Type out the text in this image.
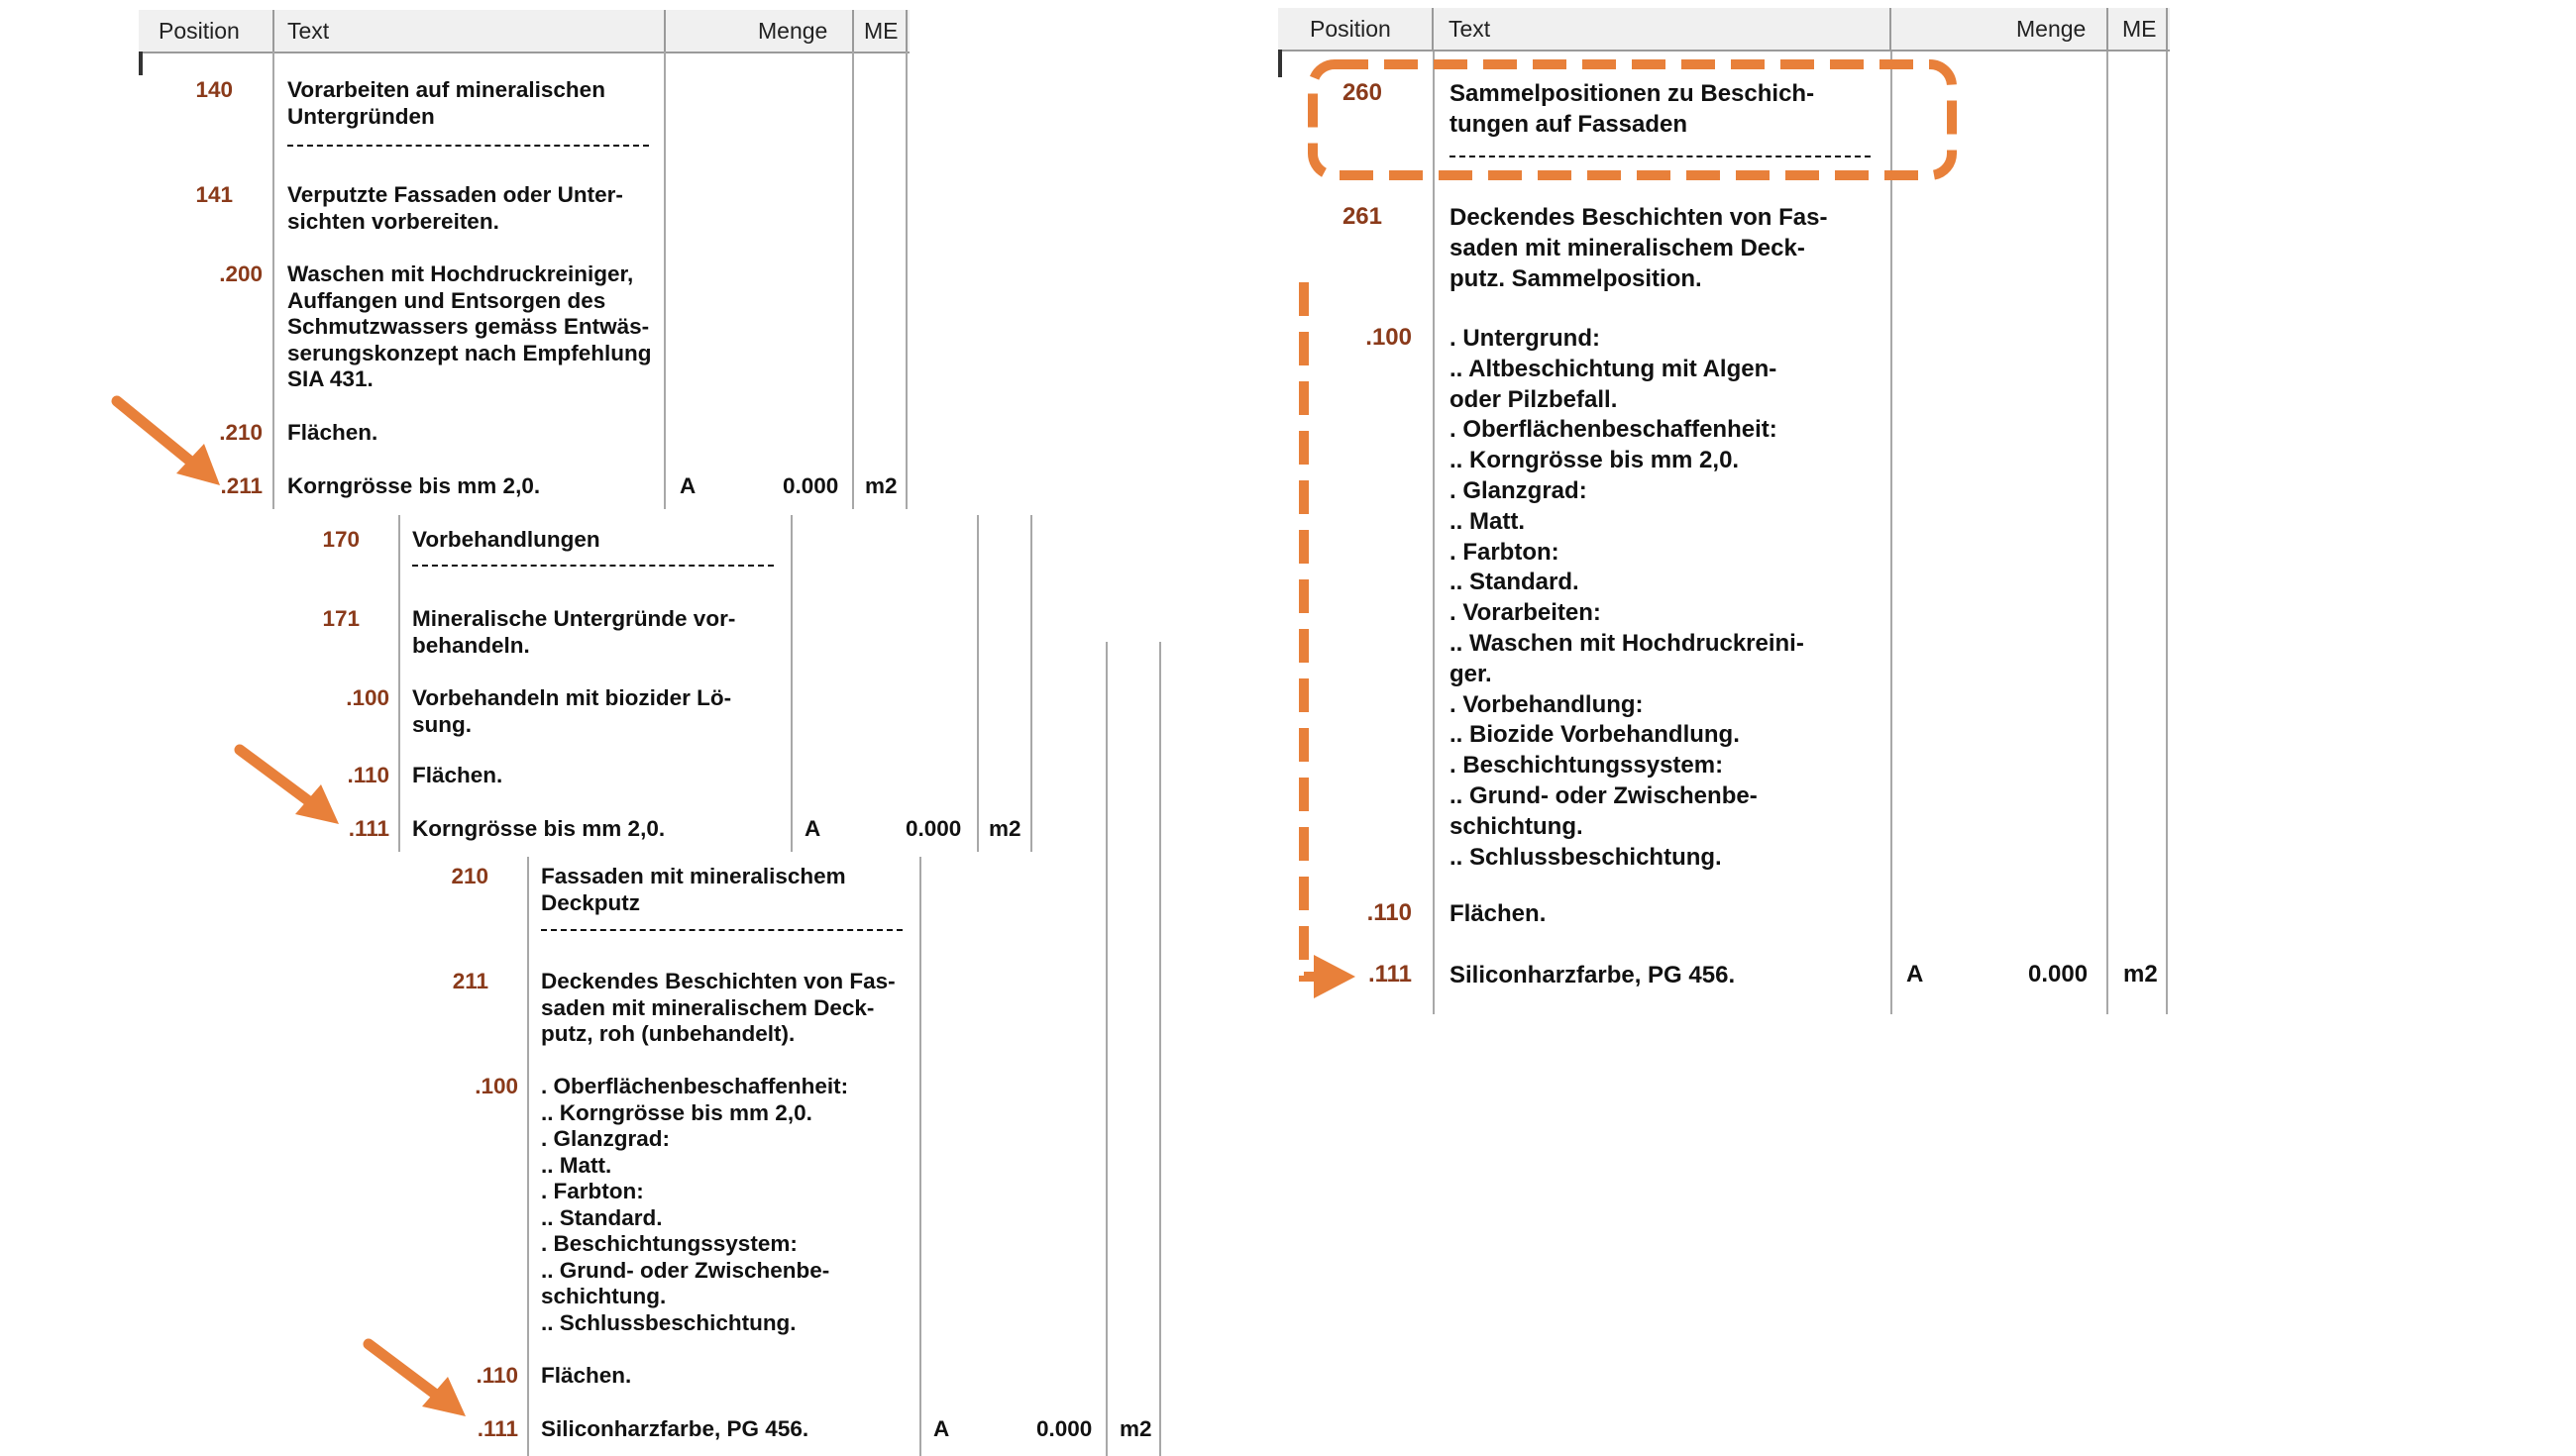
Position Text	Menge ME	Position	Text	Menge ME
140 Vorarbeiten auf mineralischen
Untergründen
141 Verputzte Fassaden oder Unter-
sichten vorbereiten.
.200 Waschen mit Hochdruckreiniger,
Auffangen und Entsorgen des
Schmutzwassers gemäss Entwäs-
serungskonzept nach Empfehlung
SIA 431.
.210 Flächen.
.211 Korngrösse bis mm 2,0.	A	0.000 m2
170 Vorbehandlungen
171 Mineralische Untergründe vor-
behandeln.
.100 Vorbehandeln mit biozider Lö-
sung.
.110 Flächen.
.111 Korngrösse bis mm 2,0.	A	0.000 m2
210 Fassaden mit mineralischem
Deckputz
211 Deckendes Beschichten von Fas-
saden mit mineralischem Deck-
putz, roh (unbehandelt).
.100 . Oberflächenbeschaffenheit:
.. Korngrösse bis mm 2,0.
. Glanzgrad:
.. Matt.
. Farbton:
.. Standard.
. Beschichtungssystem:
.. Grund- oder Zwischenbe-
schichtung.
.. Schlussbeschichtung.
.110 Flächen.
.111 Siliconharzfarbe, PG 456.	A	0.000 m2
260	Sammelpositionen zu Beschich-
tungen auf Fassaden
261	Deckendes Beschichten von Fas-
saden mit mineralischem Deck-
putz. Sammelposition.
.100 . Untergrund:
.. Altbeschichtung mit Algen-
oder Pilzbefall.
. Oberflächenbeschaffenheit:
.. Korngrösse bis mm 2,0.
. Glanzgrad:
.. Matt.
. Farbton:
.. Standard.
. Vorarbeiten:
.. Waschen mit Hochdruckreini-
ger.
. Vorbehandlung:
.. Biozide Vorbehandlung.
. Beschichtungssystem:
.. Grund- oder Zwischenbe-
schichtung.
.. Schlussbeschichtung.
.110 Flächen.
.111 Siliconharzfarbe, PG 456.	A	0.000 m2
